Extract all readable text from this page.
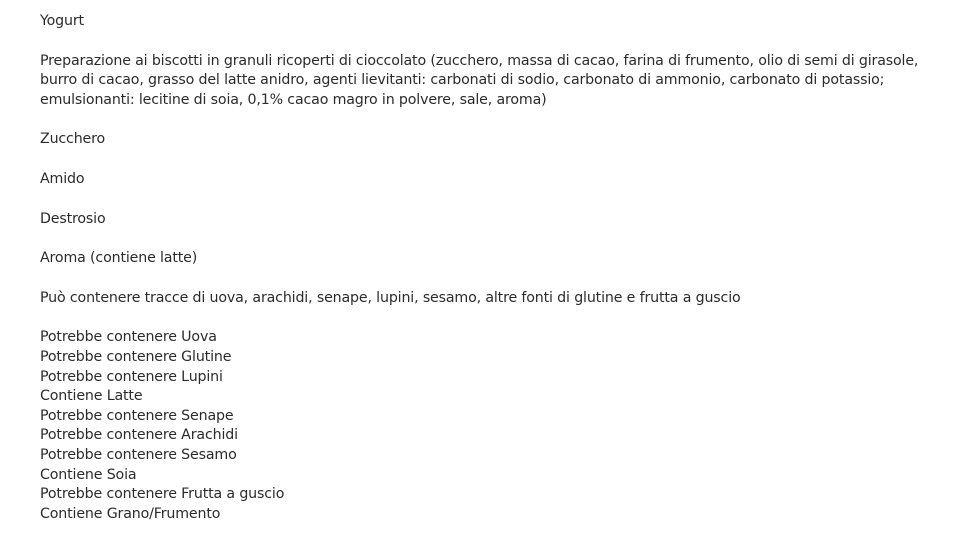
Yogurt

Preparazione ai biscotti in granuli ricoperti di cioccolato (zucchero, massa di cacao, farina di frumento, olio di semi di girasole, burro di cacao, grasso del latte anidro, agenti lievitanti: carbonati di sodio, carbonato di ammonio, carbonato di potassio; emulsionanti: lecitine di soia, 0,1% cacao magro in polvere, sale, aroma)

Zucchero

Amido

Destrosio

Aroma (contiene latte)

Può contenere tracce di uova, arachidi, senape, lupini, sesamo, altre fonti di glutine e frutta a guscio

Potrebbe contenere Uova
Potrebbe contenere Glutine
Potrebbe contenere Lupini
Contiene Latte
Potrebbe contenere Senape
Potrebbe contenere Arachidi
Potrebbe contenere Sesamo
Contiene Soia
Potrebbe contenere Frutta a guscio
Contiene Grano/Frumento
